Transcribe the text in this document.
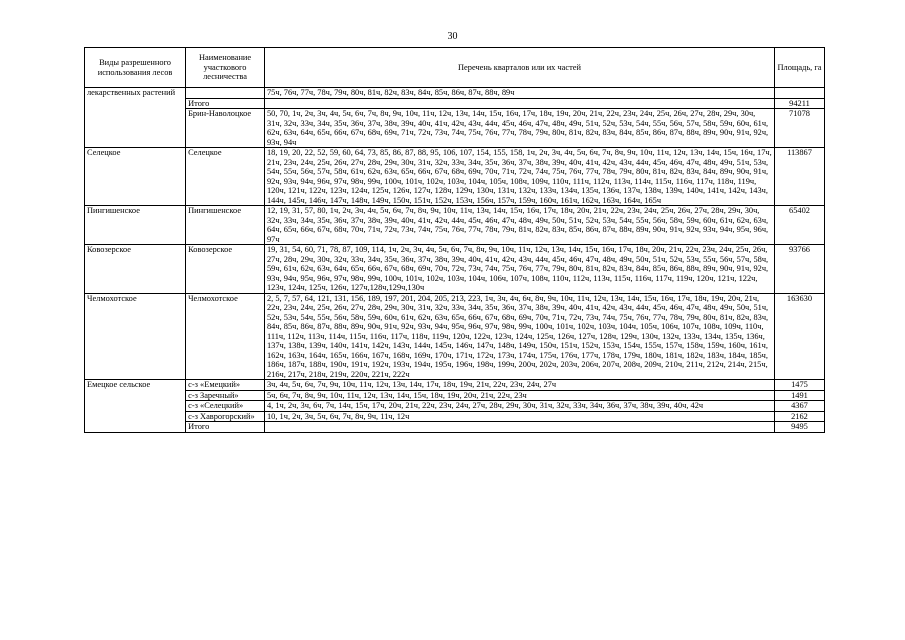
30
Виды разрешенного использования лесов	Наименование участкового лесничества	Перечень кварталов или их частей	Площадь, га
лекарственных растений		75ч, 76ч, 77ч, 78ч, 79ч, 80ч, 81ч, 82ч, 83ч, 84ч, 85ч, 86ч, 87ч, 88ч, 89ч	
	Итого		94211
	Брин-Наволоцкое	50, 70, 1ч, 2ч, 3ч, 4ч, 5ч, 6ч, 7ч, 8ч, 9ч, 10ч, 11ч, 12ч, 13ч, 14ч, 15ч, 16ч, 17ч, 18ч, 19ч, 20ч, 21ч, 22ч, 23ч, 24ч, 25ч, 26ч, 27ч, 28ч, 29ч, 30ч, 31ч, 32ч, 33ч, 34ч, 35ч, 36ч, 37ч, 38ч, 39ч, 40ч, 41ч, 42ч, 43ч, 44ч, 45ч, 46ч, 47ч, 48ч, 49ч, 51ч, 52ч, 53ч, 54ч, 55ч, 56ч, 57ч, 58ч, 59ч, 60ч, 61ч, 62ч, 63ч, 64ч, 65ч, 66ч, 67ч, 68ч, 69ч, 71ч, 72ч, 73ч, 74ч, 75ч, 76ч, 77ч, 78ч, 79ч, 80ч, 81ч, 82ч, 83ч, 84ч, 85ч, 86ч, 87ч, 88ч, 89ч, 90ч, 91ч, 92ч, 93ч, 94ч	71078
Селецкое	Селецкое	18, 19, 20, 22, 52, 59, 60, 64, 73, 85, 86, 87, 88, 95, 106, 107, 154, 155, 158, 1ч, 2ч, 3ч, 4ч, 5ч, 6ч, 7ч, 8ч, 9ч, 10ч, 11ч, 12ч, 13ч, 14ч, 15ч, 16ч, 17ч, 21ч, 23ч, 24ч, 25ч, 26ч, 27ч, 28ч, 29ч, 30ч, 31ч, 32ч, 33ч, 34ч, 35ч, 36ч, 37ч, 38ч, 39ч, 40ч, 41ч, 42ч, 43ч, 44ч, 45ч, 46ч, 47ч, 48ч, 49ч, 51ч, 53ч, 54ч, 55ч, 56ч, 57ч, 58ч, 61ч, 62ч, 63ч, 65ч, 66ч, 67ч, 68ч, 69ч, 70ч, 71ч, 72ч, 74ч, 75ч, 76ч, 77ч, 78ч, 79ч, 80ч, 81ч, 82ч, 83ч, 84ч, 89ч, 90ч, 91ч, 92ч, 93ч, 94ч, 96ч, 97ч, 98ч, 99ч, 100ч, 101ч, 102ч, 103ч, 104ч, 105ч, 108ч, 109ч, 110ч, 111ч, 112ч, 113ч, 114ч, 115ч, 116ч, 117ч, 118ч, 119ч, 120ч, 121ч, 122ч, 123ч, 124ч, 125ч, 126ч, 127ч, 128ч, 129ч, 130ч, 131ч, 132ч, 133ч, 134ч, 135ч, 136ч, 137ч, 138ч, 139ч, 140ч, 141ч, 142ч, 143ч, 144ч, 145ч, 146ч, 147ч, 148ч, 149ч, 150ч, 151ч, 152ч, 153ч, 156ч, 157ч, 159ч, 160ч, 161ч, 162ч, 163ч, 164ч, 165ч	113867
Пингишенское	Пингишенское	12, 19, 31, 57, 80, 1ч, 2ч, 3ч, 4ч, 5ч, 6ч, 7ч, 8ч, 9ч, 10ч, 11ч, 13ч, 14ч, 15ч, 16ч, 17ч, 18ч, 20ч, 21ч, 22ч, 23ч, 24ч, 25ч, 26ч, 27ч, 28ч, 29ч, 30ч, 32ч, 33ч, 34ч, 35ч, 36ч, 37ч, 38ч, 39ч, 40ч, 41ч, 42ч, 44ч, 45ч, 46ч, 47ч, 48ч, 49ч, 50ч, 51ч, 52ч, 53ч, 54ч, 55ч, 56ч, 58ч, 59ч, 60ч, 61ч, 62ч, 63ч, 64ч, 65ч, 66ч, 67ч, 68ч, 70ч, 71ч, 72ч, 73ч, 74ч, 75ч, 76ч, 77ч, 78ч, 79ч, 81ч, 82ч, 83ч, 85ч, 86ч, 87ч, 88ч, 89ч, 90ч, 91ч, 92ч, 93ч, 94ч, 95ч, 96ч, 97ч	65402
Ковозерское	Ковозерское	19, 31, 54, 60, 71, 78, 87, 109, 114, 1ч, 2ч, 3ч, 4ч, 5ч, 6ч, 7ч, 8ч, 9ч, 10ч, 11ч, 12ч, 13ч, 14ч, 15ч, 16ч, 17ч, 18ч, 20ч, 21ч, 22ч, 23ч, 24ч, 25ч, 26ч, 27ч, 28ч, 29ч, 30ч, 32ч, 33ч, 34ч, 35ч, 36ч, 37ч, 38ч, 39ч, 40ч, 41ч, 42ч, 43ч, 44ч, 45ч, 46ч, 47ч, 48ч, 49ч, 50ч, 51ч, 52ч, 53ч, 55ч, 56ч, 57ч, 58ч, 59ч, 61ч, 62ч, 63ч, 64ч, 65ч, 66ч, 67ч, 68ч, 69ч, 70ч, 72ч, 73ч, 74ч, 75ч, 76ч, 77ч, 79ч, 80ч, 81ч, 82ч, 83ч, 84ч, 85ч, 86ч, 88ч, 89ч, 90ч, 91ч, 92ч, 93ч, 94ч, 95ч, 96ч, 97ч, 98ч, 99ч, 100ч, 101ч, 102ч, 103ч, 104ч, 106ч, 107ч, 108ч, 110ч, 112ч, 113ч, 115ч, 116ч, 117ч, 119ч, 120ч, 121ч, 122ч, 123ч, 124ч, 125ч, 126ч, 127ч,128ч,129ч,130ч	93766
Челмохотское	Челмохотское	2, 5, 7, 57, 64, 121, 131, 156, 189, 197, 201, 204, 205, 213, 223, 1ч, 3ч, 4ч, 6ч, 8ч, 9ч, 10ч, 11ч, 12ч, 13ч, 14ч, 15ч, 16ч, 17ч, 18ч, 19ч, 20ч, 21ч, 22ч, 23ч, 24ч, 25ч, 26ч, 27ч, 28ч, 29ч, 30ч, 31ч, 32ч, 33ч, 34ч, 35ч, 36ч, 37ч, 38ч, 39ч, 40ч, 41ч, 42ч, 43ч, 44ч, 45ч, 46ч, 47ч, 48ч, 49ч, 50ч, 51ч, 52ч, 53ч, 54ч, 55ч, 56ч, 58ч, 59ч, 60ч, 61ч, 62ч, 63ч, 65ч, 66ч, 67ч, 68ч, 69ч, 70ч, 71ч, 72ч, 73ч, 74ч, 75ч, 76ч, 77ч, 78ч, 79ч, 80ч, 81ч, 82ч, 83ч, 84ч, 85ч, 86ч, 87ч, 88ч, 89ч, 90ч, 91ч, 92ч, 93ч, 94ч, 95ч, 96ч, 97ч, 98ч, 99ч, 100ч, 101ч, 102ч, 103ч, 104ч, 105ч, 106ч, 107ч, 108ч, 109ч, 110ч, 111ч, 112ч, 113ч, 114ч, 115ч, 116ч, 117ч, 118ч, 119ч, 120ч, 122ч, 123ч, 124ч, 125ч, 126ч, 127ч, 128ч, 129ч, 130ч, 132ч, 133ч, 134ч, 135ч, 136ч, 137ч, 138ч, 139ч, 140ч, 141ч, 142ч, 143ч, 144ч, 145ч, 146ч, 147ч, 148ч, 149ч, 150ч, 151ч, 152ч, 153ч, 154ч, 155ч, 157ч, 158ч, 159ч, 160ч, 161ч, 162ч, 163ч, 164ч, 165ч, 166ч, 167ч, 168ч, 169ч, 170ч, 171ч, 172ч, 173ч, 174ч, 175ч, 176ч, 177ч, 178ч, 179ч, 180ч, 181ч, 182ч, 183ч, 184ч, 185ч, 186ч, 187ч, 188ч, 190ч, 191ч, 192ч, 193ч, 194ч, 195ч, 196ч, 198ч, 199ч, 200ч, 202ч, 203ч, 206ч, 207ч, 208ч, 209ч, 210ч, 211ч, 212ч, 214ч, 215ч, 216ч, 217ч, 218ч, 219ч, 220ч, 221ч, 222ч	163630
Емецкое сельское	с-з «Емецкий»	3ч, 4ч, 5ч, 6ч, 7ч, 9ч, 10ч, 11ч, 12ч, 13ч, 14ч, 17ч, 18ч, 19ч, 21ч, 22ч, 23ч, 24ч, 27ч	1475
	с-з Заречный»	5ч, 6ч, 7ч, 8ч, 9ч, 10ч, 11ч, 12ч, 13ч, 14ч, 15ч, 18ч, 19ч, 20ч, 21ч, 22ч, 23ч	1491
	с-з «Селецкий»	4, 1ч, 2ч, 3ч, 6ч, 7ч, 14ч, 15ч, 17ч, 20ч, 21ч, 22ч, 23ч, 24ч, 27ч, 28ч, 29ч, 30ч, 31ч, 32ч, 33ч, 34ч, 36ч, 37ч, 38ч, 39ч, 40ч, 42ч	4367
	с-з Хаврогорский»	10, 1ч, 2ч, 3ч, 5ч, 6ч, 7ч, 8ч, 9ч, 11ч, 12ч	2162
	Итого		9495
